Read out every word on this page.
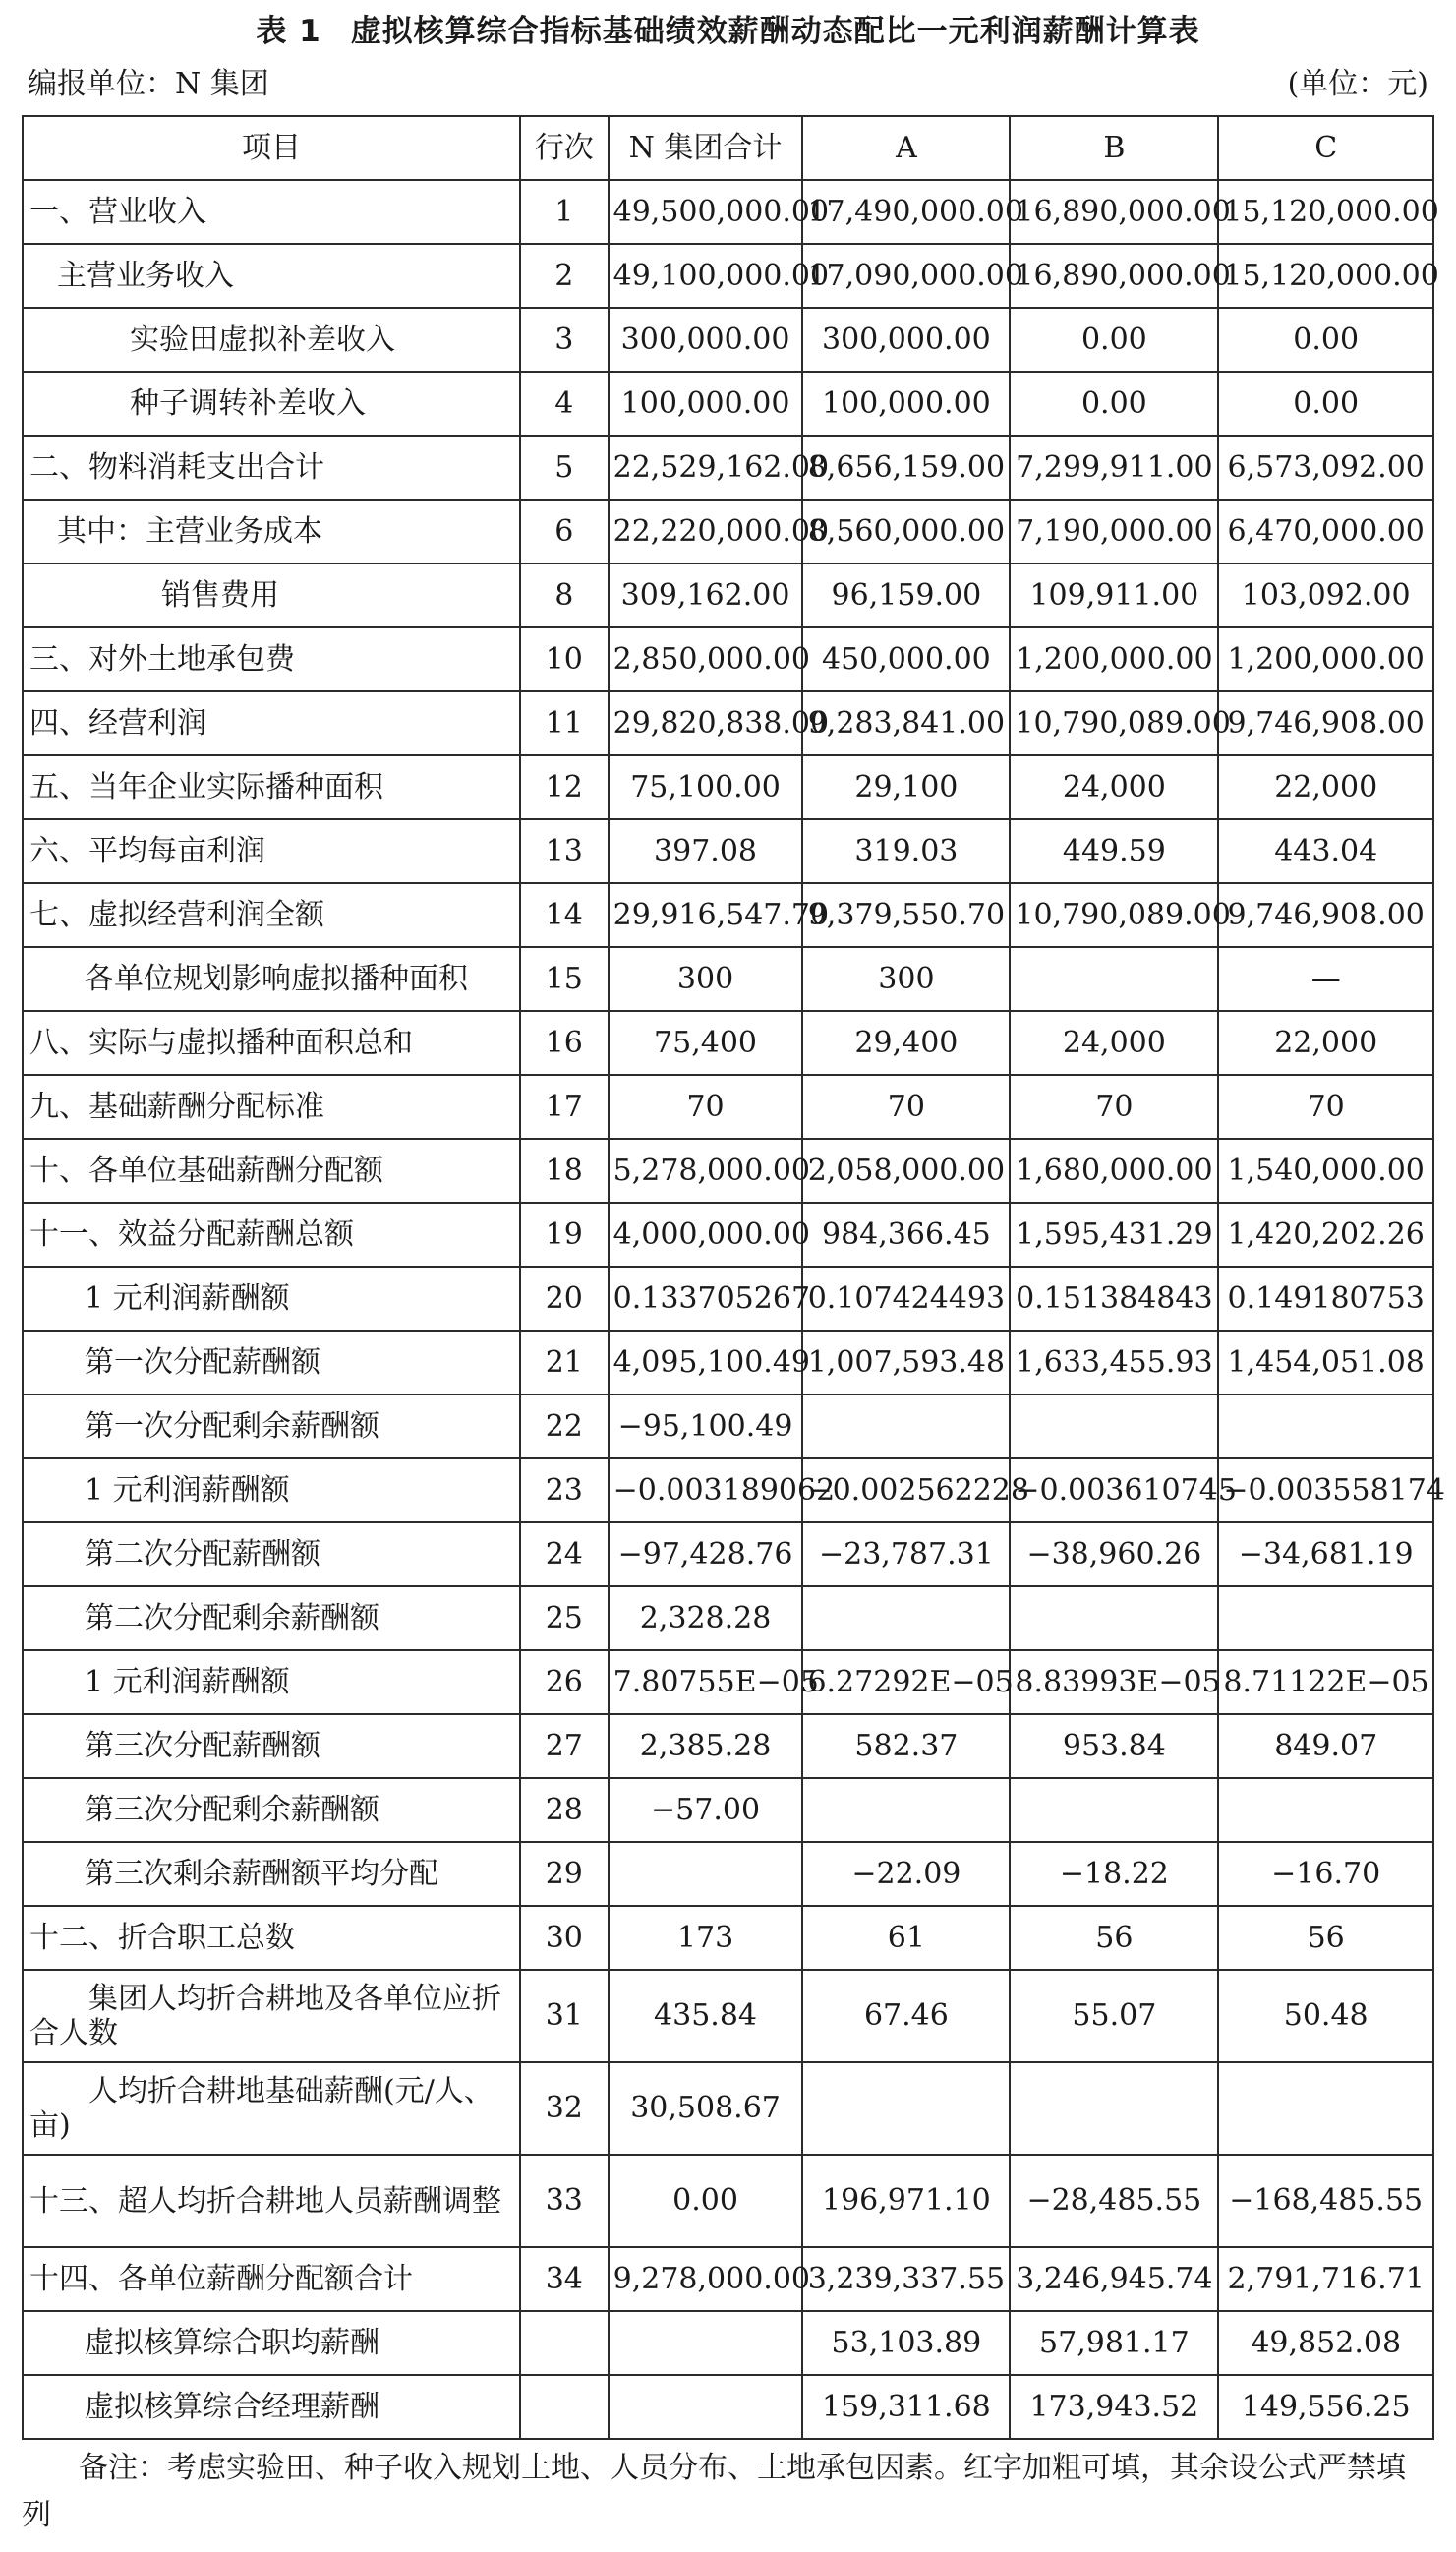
表 1 虚拟核算综合指标基础绩效薪酬动态配比一元利润薪酬计算表
编报单位：N 集团	(单位：元)
项目	行次	N 集团合计	A	B	C
一、营业收入	1	49,500,000.00	17,490,000.00	16,890,000.00	15,120,000.00
主营业务收入	2	49,100,000.00	17,090,000.00	16,890,000.00	15,120,000.00
实验田虚拟补差收入	3	300,000.00	300,000.00	0.00	0.00
种子调转补差收入	4	100,000.00	100,000.00	0.00	0.00
二、物料消耗支出合计	5	22,529,162.00	8,656,159.00	7,299,911.00	6,573,092.00
其中：主营业务成本	6	22,220,000.00	8,560,000.00	7,190,000.00	6,470,000.00
销售费用	8	309,162.00	96,159.00	109,911.00	103,092.00
三、对外土地承包费	10	2,850,000.00	450,000.00	1,200,000.00	1,200,000.00
四、经营利润	11	29,820,838.00	9,283,841.00	10,790,089.00	9,746,908.00
五、当年企业实际播种面积	12	75,100.00	29,100	24,000	22,000
六、平均每亩利润	13	397.08	319.03	449.59	443.04
七、虚拟经营利润全额	14	29,916,547.70	9,379,550.70	10,790,089.00	9,746,908.00
各单位规划影响虚拟播种面积	15	300	300		—
八、实际与虚拟播种面积总和	16	75,400	29,400	24,000	22,000
九、基础薪酬分配标准	17	70	70	70	70
十、各单位基础薪酬分配额	18	5,278,000.00	2,058,000.00	1,680,000.00	1,540,000.00
十一、效益分配薪酬总额	19	4,000,000.00	984,366.45	1,595,431.29	1,420,202.26
1 元利润薪酬额	20	0.133705267	0.107424493	0.151384843	0.149180753
第一次分配薪酬额	21	4,095,100.49	1,007,593.48	1,633,455.93	1,454,051.08
第一次分配剩余薪酬额	22	−95,100.49			
1 元利润薪酬额	23	−0.003189062	−0.002562228	−0.003610745	−0.003558174
第二次分配薪酬额	24	−97,428.76	−23,787.31	−38,960.26	−34,681.19
第二次分配剩余薪酬额	25	2,328.28			
1 元利润薪酬额	26	7.80755E−05	6.27292E−05	8.83993E−05	8.71122E−05
第三次分配薪酬额	27	2,385.28	582.37	953.84	849.07
第三次分配剩余薪酬额	28	−57.00			
第三次剩余薪酬额平均分配	29		−22.09	−18.22	−16.70
十二、折合职工总数	30	173	61	56	56
集团人均折合耕地及各单位应折合人数	31	435.84	67.46	55.07	50.48
人均折合耕地基础薪酬(元/人、亩)	32	30,508.67			
十三、超人均折合耕地人员薪酬调整	33	0.00	196,971.10	−28,485.55	−168,485.55
十四、各单位薪酬分配额合计	34	9,278,000.00	3,239,337.55	3,246,945.74	2,791,716.71
虚拟核算综合职均薪酬			53,103.89	57,981.17	49,852.08
虚拟核算综合经理薪酬			159,311.68	173,943.52	149,556.25
备注：考虑实验田、种子收入规划土地、人员分布、土地承包因素。红字加粗可填，其余设公式严禁填列
